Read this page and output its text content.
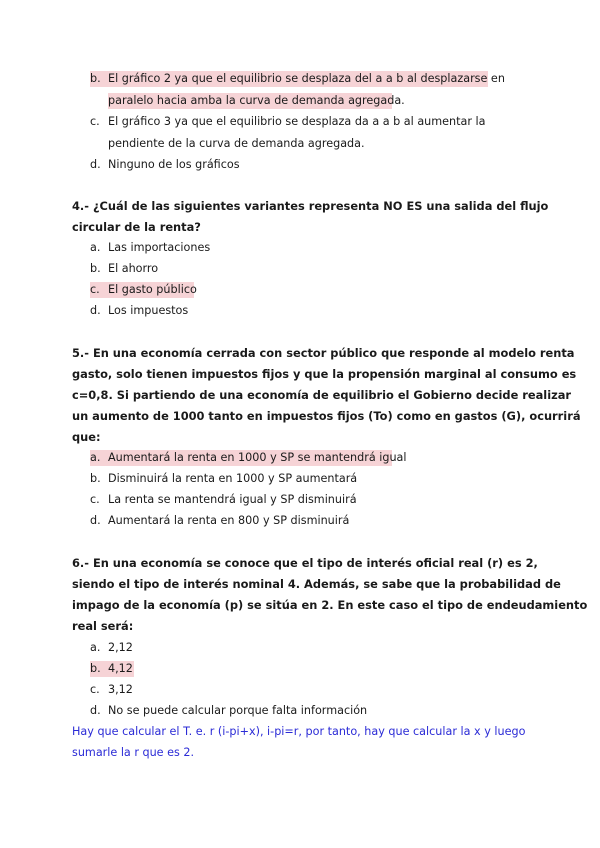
b. El gráfico 2 ya que el equilibrio se desplaza del a a b al desplazarse en
paralelo hacia amba la curva de demanda agregada.
c. El gráfico 3 ya que el equilibrio se desplaza da a a b al aumentar la
pendiente de la curva de demanda agregada.
d. Ninguno de los gráficos
4.- ¿Cuál de las siguientes variantes representa NO ES una salida del flujo
circular de la renta?
a. Las importaciones
b. El ahorro
c. El gasto público
d. Los impuestos
5.- En una economía cerrada con sector público que responde al modelo renta
gasto, solo tienen impuestos fijos y que la propensión marginal al consumo es
c=0,8. Si partiendo de una economía de equilibrio el Gobierno decide realizar
un aumento de 1000 tanto en impuestos fijos (To) como en gastos (G), ocurrirá
que:
a. Aumentará la renta en 1000 y SP se mantendrá igual
b. Disminuirá la renta en 1000 y SP aumentará
c. La renta se mantendrá igual y SP disminuirá
d. Aumentará la renta en 800 y SP disminuirá
6.- En una economía se conoce que el tipo de interés oficial real (r) es 2,
siendo el tipo de interés nominal 4. Además, se sabe que la probabilidad de
impago de la economía (p) se sitúa en 2. En este caso el tipo de endeudamiento
real será:
a. 2,12
b. 4,12
c. 3,12
d. No se puede calcular porque falta información
Hay que calcular el T. e. r (i-pi+x), i-pi=r, por tanto, hay que calcular la x y luego
sumarle la r que es 2.
